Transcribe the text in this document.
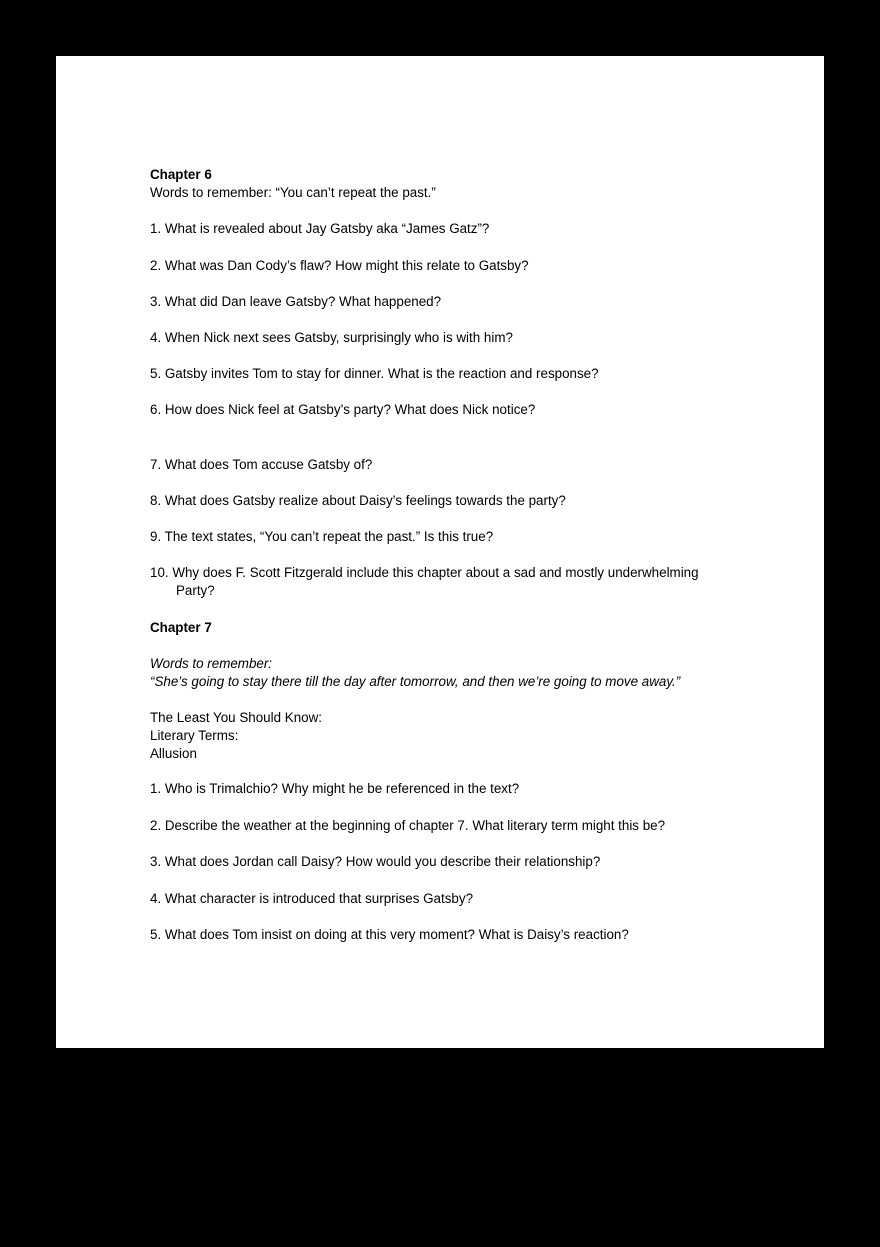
Chapter 6
Words to remember: “You can’t repeat the past.”
1. What is revealed about Jay Gatsby aka “James Gatz”?
2. What was Dan Cody’s flaw? How might this relate to Gatsby?
3. What did Dan leave Gatsby? What happened?
4. When Nick next sees Gatsby, surprisingly who is with him?
5. Gatsby invites Tom to stay for dinner. What is the reaction and response?
6. How does Nick feel at Gatsby’s party? What does Nick notice?
7. What does Tom accuse Gatsby of?
8. What does Gatsby realize about Daisy’s feelings towards the party?
9. The text states, “You can’t repeat the past.” Is this true?
10. Why does F. Scott Fitzgerald include this chapter about a sad and mostly underwhelming
Party?
Chapter 7
Words to remember:
“She’s going to stay there till the day after tomorrow, and then we’re going to move away.”
The Least You Should Know:
Literary Terms:
Allusion
1. Who is Trimalchio? Why might he be referenced in the text?
2. Describe the weather at the beginning of chapter 7. What literary term might this be?
3. What does Jordan call Daisy? How would you describe their relationship?
4. What character is introduced that surprises Gatsby?
5. What does Tom insist on doing at this very moment? What is Daisy’s reaction?
